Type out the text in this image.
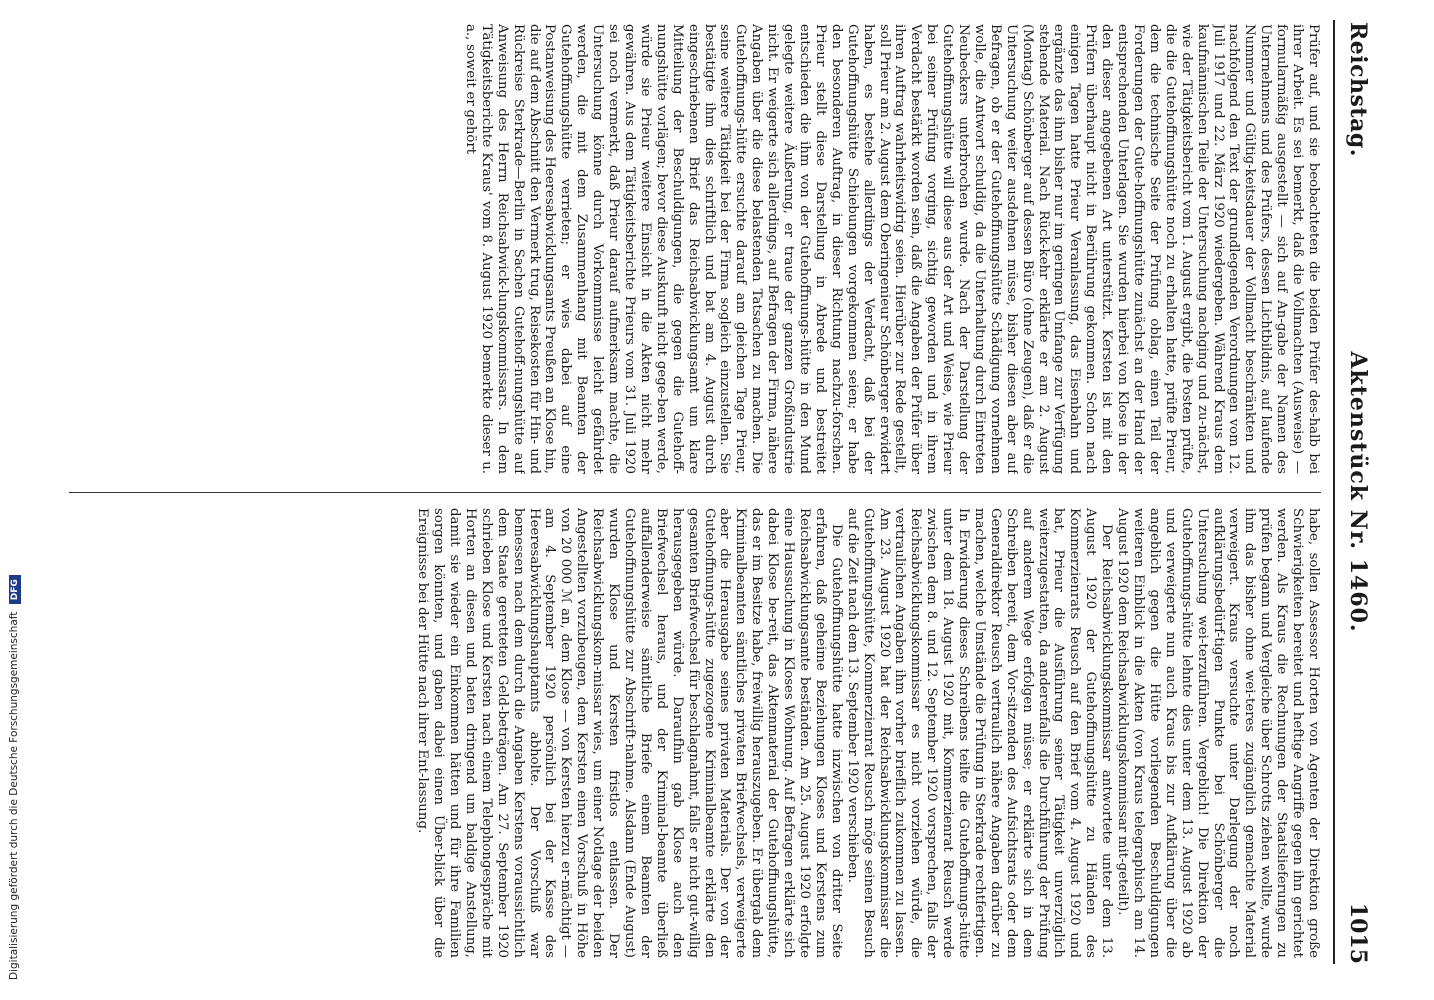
Reichstag.
Aktenstück Nr. 1460.
1015

Prüfer auf, und sie beobachteten die beiden Prüfer des-halb bei ihrer Arbeit. Es sei bemerkt, daß die Vollmachten (Ausweise) — formularmäßig ausgestellt — sich auf An-gabe der Namen des Unternehmens und des Prüfers, dessen Lichtbildnis, auf laufende Nummer und Gültig-keitsdauer der Vollmacht beschränkten und nachfolgend den Text der grundlegenden Verordnungen vom 12. Juli 1917 und 22. März 1920 wiedergeben. Während Kraus dem kaufmännischen Teile der Untersuchung nachging und zu-nächst, wie der Tätigkeitsbericht vom 1. August ergibt, die Posten prüfte, die die Gutehoffnungshütte noch zu erhalten hatte, prüfte Prieur, dem die technische Seite der Prüfung oblag, einen Teil der Forderungen der Gute-hoffnungshütte zunächst an der Hand der entsprechenden Unterlagen. Sie wurden hierbei von Klose in der den dieser angegebenen Art unterstützt. Kersten ist mit den Prüfern überhaupt nicht in Berührung gekommen. Schon nach einigen Tagen hatte Prieur Veranlassung, das Eisenbahn und ergänzte das ihm bisher nur im geringen Umfange zur Verfügung stehende Material. Nach Rück-kehr erklärte er am 2. August (Montag) Schönberger auf dessen Büro (ohne Zeugen), daß er die Untersuchung weiter ausdehnen müsse, bisher diesen aber auf Befragen, ob er der Gutehoffnungshütte Schädigung vornehmen wolle, die Antwort schuldig, da die Unterhaltung durch Eintreten Neubeckers unterbrochen wurde. Nach der Darstellung der Gutehoffnungshütte will diese aus der Art und Weise, wie Prieur bei seiner Prüfung vorging, sichtig geworden und in ihrem Verdacht bestärkt worden sein, daß die Angaben der Prüfer über ihren Auftrag wahrheitswidrig seien. Hierüber zur Rede gestellt, soll Prieur am 2. August dem Oberingenieur Schönberger erwidert haben, es bestehe allerdings der Verdacht, daß bei der Gutehoffnungshütte Schiebungen vorgekommen seien; er habe den besonderen Auftrag, in dieser Richtung nachzu-forschen. Prieur stellt diese Darstellung in Abrede und bestreitet entschieden die ihm von der Gutehoffnungs-hütte in den Mund gelegte weitere Äußerung, er traue der ganzen Großindustrie nicht. Er weigerte sich allerdings, auf Befragen der Firma, nähere Angaben über die diese belastenden Tatsachen zu machen. Die Gutehoffnungs-hütte ersuchte darauf am gleichen Tage Prieur, seine weitere Tätigkeit bei der Firma sogleich einzustellen. Sie bestätigte ihm dies schriftlich und bat am 4. August durch eingeschriebenen Brief das Reichsabwicklungsamt um klare Mitteilung der Beschuldigungen, die gegen die Gutehoff-nungshütte vorlägen; bevor diese Auskunft nicht gege-ben werde, würde sie Prieur weitere Einsicht in die Akten nicht mehr gewähren. Aus dem Tätigkeitsberichte Prieurs vom 31. Juli 1920 sei noch vermerkt, daß Prieur darauf aufmerksam machte, die Untersuchung könne durch Vorkommnisse leicht gefährdet werden, die mit dem Zusammenhang mit Beamten der Gutehoffnungshütte verrieten; er wies dabei auf eine Postanweisung des Heeresabwicklungsamts Preußen an Klose hin, die auf dem Abschnitt den Vermerk trug, Reisekosten für Hin- und Rückreise Sterkrade—Berlin in Sachen Gutehoff-nungshütte auf Anweisung des Herrn Reichsabwick-lungskommissars. In dem Tätigkeitsberichte Kraus' vom 8. August 1920 bemerkte dieser u. a., soweit er gehört

habe, sollen Assessor Horten von Agenten der Direktion große Schwierigkeiten bereitet und heftige Angriffe gegen ihn gerichtet werden. Als Kraus die Rechnungen der Staatslieferungen zu prüfen begann und Vergleiche über Schrotts ziehen wollte, wurde ihm das bisher ohne wei-teres zugänglich gemachte Material verweigert. Kraus versuchte unter Darlegung der noch aufklärungsbedürf-tigen Punkte bei Schönberger die Untersuchung wei-terzuführen. Vergeblich! Die Direktion der Gutehoffnungs-hütte lehnte dies unter dem 13. August 1920 ab und verweigerte nun auch Kraus bis zur Aufklärung über die angeblich gegen die Hütte vorliegenden Beschuldigungen weiteren Einblick in die Akten (von Kraus telegraphisch am 14. August 1920 dem Reichsabwicklungskommissar mit-geteilt).

Der Reichsabwicklungskommissar antwortete unter dem 13. August 1920 der Gutehoffnungshütte zu Händen des Kommerzienrats Reusch auf den Brief vom 4. August 1920 und bat, Prieur die Ausführung seiner Tätigkeit unverzüglich weiterzugestatten, da anderenfalls die Durchführung der Prüfung auf anderem Wege erfolgen müsse; er erklärte sich in dem Schreiben bereit, dem Vor-sitzenden des Aufsichtsrats oder dem Generaldirektor Reusch vertraulich nähere Angaben darüber zu machen, welche Umstände die Prüfung in Sterkrade rechtfertigen. In Erwiderung dieses Schreibens teilte die Gutehoffnungs-hütte unter dem 18. August 1920 mit, Kommerzienrat Reusch werde zwischen dem 8. und 12. September 1920 vorsprechen, falls der Reichsabwicklungskommissar es nicht vorziehen würde, die vertraulichen Angaben ihm vorher brieflich zukommen zu lassen. Am 23. August 1920 hat der Reichsabwicklungskommissar die Gutehoffnungshütte, Kommerzienrat Reusch möge seinen Besuch auf die Zeit nach dem 13. September 1920 verschieben.

Die Gutehoffnungshütte hatte inzwischen von dritter Seite erfahren, daß geheime Beziehungen Kloses und Kerstens zum Reichsabwicklungsamte beständen. Am 25. August 1920 erfolgte eine Haussuchung in Kloses Wohnung. Auf Befragen erklärte sich dabei Klose be-reit, das Aktenmaterial der Gutehoffnungshütte, das er im Besitze habe, freiwillig herauszugeben. Er übergab dem Kriminalbeamten sämtliches privaten Briefwechsels, verweigerte aber die Herausgabe seines privaten Materials. Der von der Gutehoffnungs-hütte zugezogene Kriminalbeamte erklärte den gesamten Briefwechsel für beschlagnahmt, falls er nicht gut-willig herausgegeben würde. Daraufhin gab Klose auch den Briefwechsel heraus, und der Kriminal-beamte überließ auffallenderweise sämtliche Briefe einem Beamten der Gutehoffnungshütte zur Abschrift-nahme. Alsdann (Ende August) wurden Klose und Kersten fristlos entlassen. Der Reichsabwicklungskom-missar wies, um einer Notlage der beiden Angestellten vorzubeugen, dem Kersten einen Vorschuß in Höhe von 20 000 ℳ an, dem Klose — von Kersten hierzu er-mächtigt — am 4. September 1920 persönlich bei der Kasse des Heeresabwicklungshauptamts abholte. Der Vorschuß war bemessen nach dem durch die Angaben Kerstens voraussichtlich dem Staate geretteten Geld-beträgen. Am 27. September 1920 schrieben Klose und Kersten nach einem Telephongespräche mit Horten an diesen und baten dringend um baldige Anstellung, damit sie wieder ein Einkommen hätten und für ihre Familien sorgen könnten, und gaben dabei einen Über-blick über die Ereignisse bei der Hütte nach ihrer Ent-lassung.

Digitalisierung gefördert durch die Deutsche Forschungsgemeinschaft DFG
